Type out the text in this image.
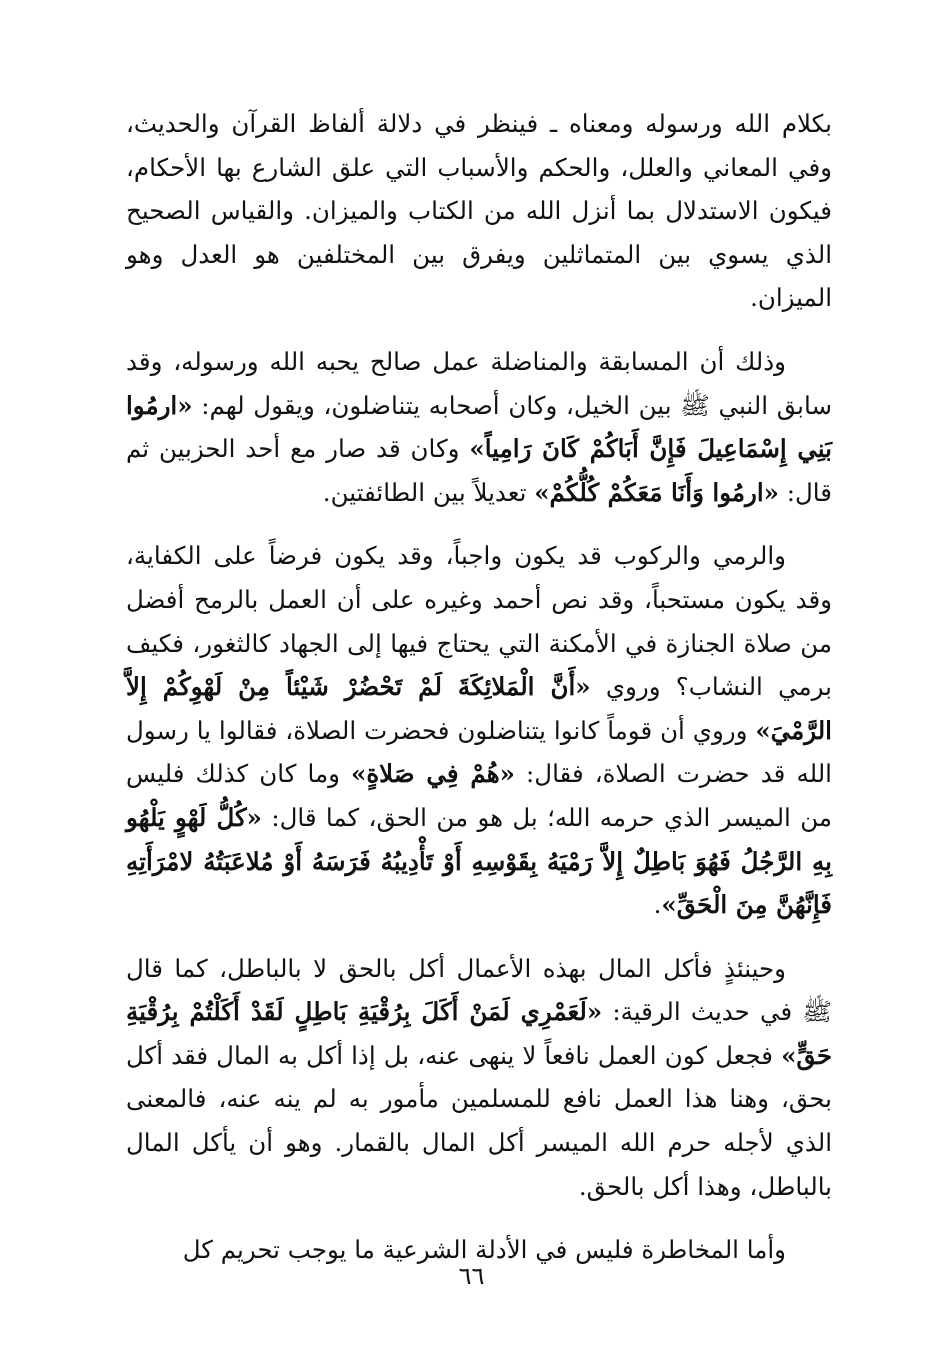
بكلام الله ورسوله ومعناه ـ فينظر في دلالة ألفاظ القرآن والحديث، وفي المعاني والعلل، والحكم والأسباب التي علق الشارع بها الأحكام، فيكون الاستدلال بما أنزل الله من الكتاب والميزان. والقياس الصحيح الذي يسوي بين المتماثلين ويفرق بين المختلفين هو العدل وهو الميزان.

وذلك أن المسابقة والمناضلة عمل صالح يحبه الله ورسوله، وقد سابق النبي ﷺ بين الخيل، وكان أصحابه يتناضلون، ويقول لهم: «ارمُوا بَنِي إِسْمَاعِيلَ فَإِنَّ أَبَاكُمْ كَانَ رَامِياً» وكان قد صار مع أحد الحزبين ثم قال: «ارمُوا وَأَنَا مَعَكُمْ كُلُّكُمْ» تعديلاً بين الطائفتين.

والرمي والركوب قد يكون واجباً، وقد يكون فرضاً على الكفاية، وقد يكون مستحباً، وقد نص أحمد وغيره على أن العمل بالرمح أفضل من صلاة الجنازة في الأمكنة التي يحتاج فيها إلى الجهاد كالثغور، فكيف برمي النشاب؟ وروي «أَنَّ الْمَلائِكَةَ لَمْ تَحْضُرْ شَيْئاً مِنْ لَهْوِكُمْ إِلاَّ الرَّمْيَ» وروي أن قوماً كانوا يتناضلون فحضرت الصلاة، فقالوا يا رسول الله قد حضرت الصلاة، فقال: «هُمْ فِي صَلاةٍ» وما كان كذلك فليس من الميسر الذي حرمه الله؛ بل هو من الحق، كما قال: «كُلُّ لَهْوٍ يَلْهُو بِهِ الرَّجُلُ فَهُوَ بَاطِلٌ إِلاَّ رَمْيَهُ بِقَوْسِهِ أَوْ تَأْدِيبُهُ فَرَسَهُ أَوْ مُلاعَبَتُهُ لامْرَأَتِهِ فَإِنَّهُنَّ مِنَ الْحَقِّ».

وحينئذٍ فأكل المال بهذه الأعمال أكل بالحق لا بالباطل، كما قال ﷺ في حديث الرقية: «لَعَمْرِي لَمَنْ أَكَلَ بِرُقْيَةِ بَاطِلٍ لَقَدْ أَكَلْتُمْ بِرُقْيَةِ حَقٍّ» فجعل كون العمل نافعاً لا ينهى عنه، بل إذا أكل به المال فقد أكل بحق، وهنا هذا العمل نافع للمسلمين مأمور به لم ينه عنه، فالمعنى الذي لأجله حرم الله الميسر أكل المال بالقمار. وهو أن يأكل المال بالباطل، وهذا أكل بالحق.

وأما المخاطرة فليس في الأدلة الشرعية ما يوجب تحريم كل

٦٦
